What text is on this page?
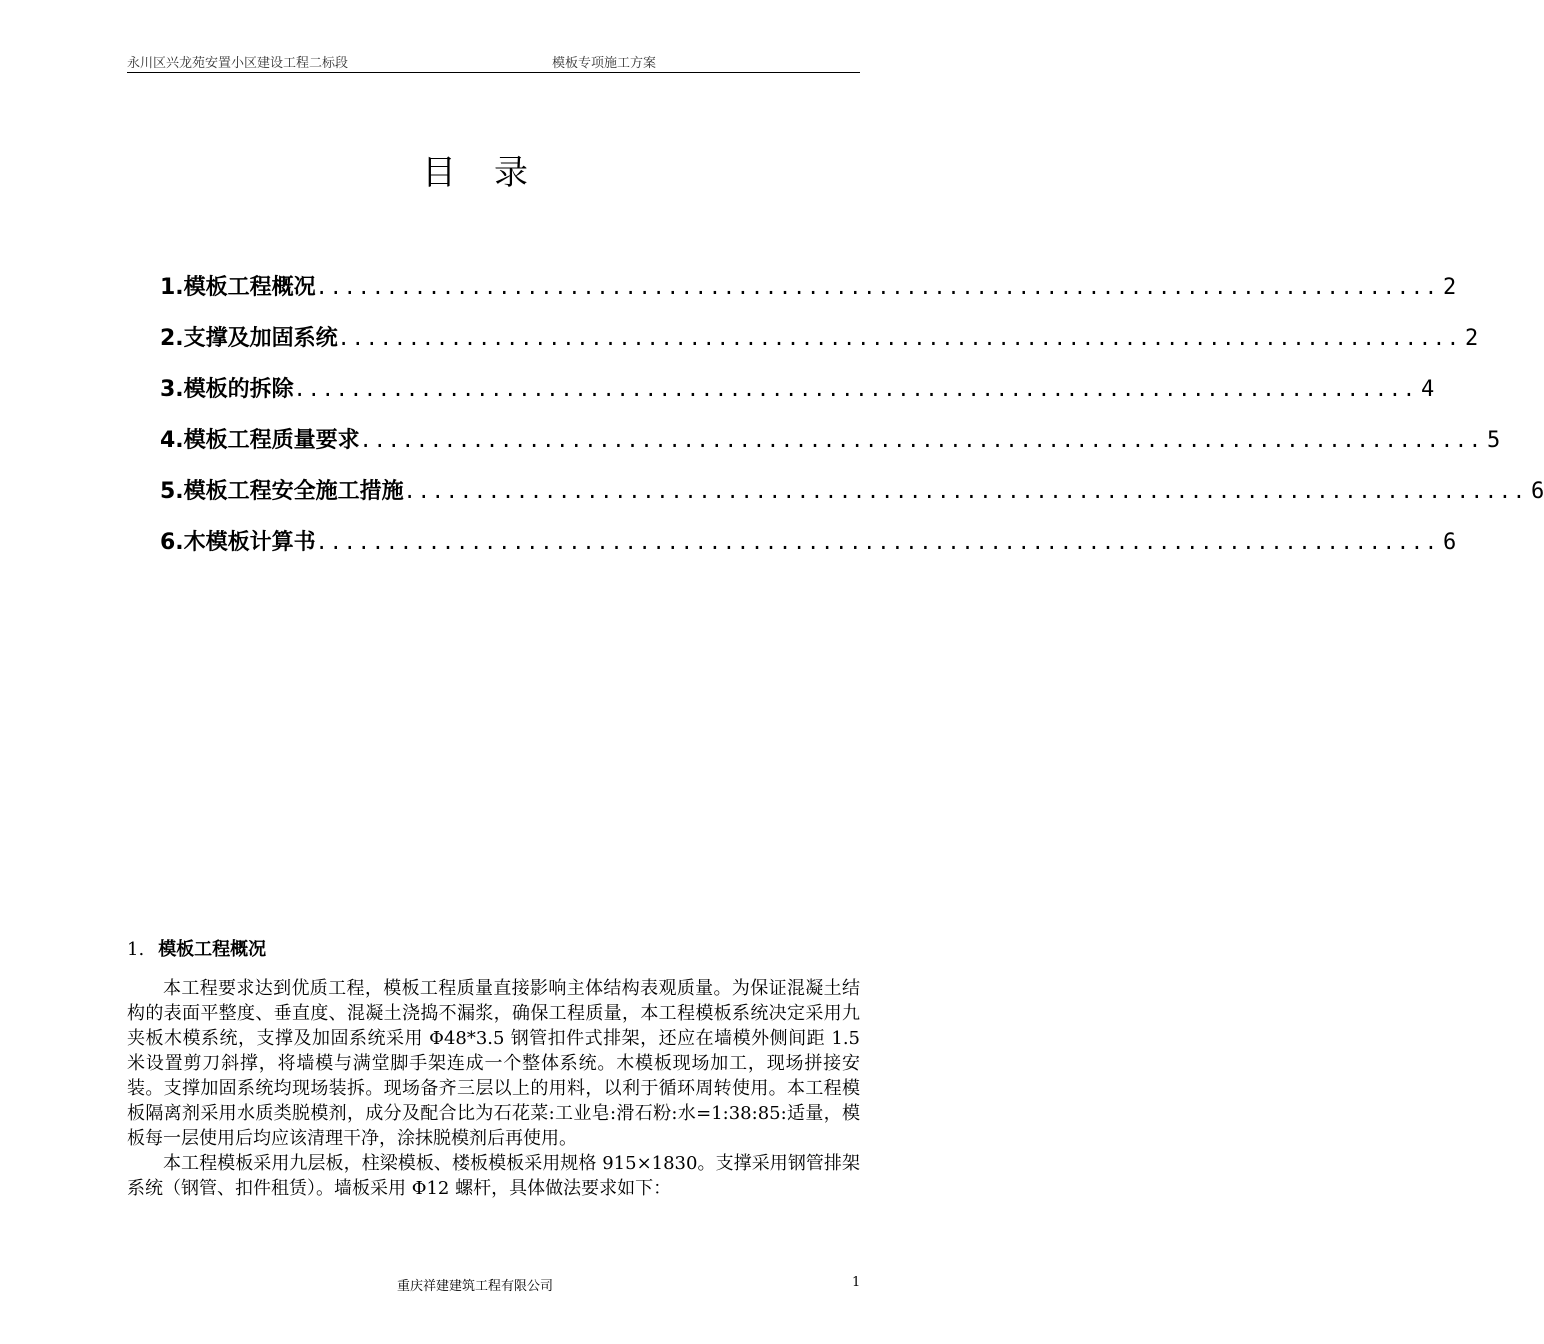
永川区兴龙苑安置小区建设工程二标段	模板专项施工方案
目录
1.模板工程概况 ................................................................................ 2
2.支撑及加固系统 ................................................................................ 2
3.模板的拆除 ................................................................................ 4
4.模板工程质量要求 ................................................................................ 5
5.模板工程安全施工措施 ................................................................................ 6
6.木模板计算书 ................................................................................ 6
1. 模板工程概况

本工程要求达到优质工程，模板工程质量直接影响主体结构表观质量。为保证混凝土结构的表面平整度、垂直度、混凝土浇捣不漏浆，确保工程质量，本工程模板系统决定采用九夹板木模系统，支撑及加固系统采用 Φ48*3.5 钢管扣件式排架，还应在墙模外侧间距 1.5 米设置剪刀斜撑，将墙模与满堂脚手架连成一个整体系统。木模板现场加工，现场拼接安装。支撑加固系统均现场装拆。现场备齐三层以上的用料，以利于循环周转使用。本工程模板隔离剂采用水质类脱模剂，成分及配合比为石花菜:工业皂:滑石粉:水=1:38:85:适量，模板每一层使用后均应该清理干净，涂抹脱模剂后再使用。

本工程模板采用九层板，柱梁模板、楼板模板采用规格 915×1830。支撑采用钢管排架系统（钢管、扣件租赁）。墙板采用 Φ12 螺杆，具体做法要求如下：

重庆祥建建筑工程有限公司	1
